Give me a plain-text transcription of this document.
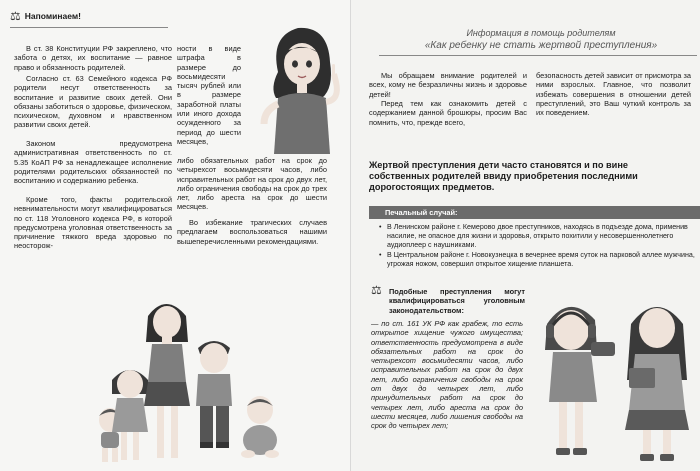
⚖ Напоминаем!
В ст. 38 Конституции РФ закреплено, что забота о детях, их воспитание — равное право и обязанность родителей.
Согласно ст. 63 Семейного кодекса РФ родители несут ответственность за воспитание и развитие своих детей. Они обязаны заботиться о здоровье, физическом, психическом, духовном и нравственном развитии своих детей.
Законом предусмотрена административная ответственность по ст. 5.35 КоАП РФ за ненадлежащее исполнение родителями родительских обязанностей по воспитанию и содержанию ребенка.
Кроме того, факты родительской невнимательности могут квалифицироваться по ст. 118 Уголовного кодекса РФ, в которой предусмотрена уголовная ответственность за причинение тяжкого вреда здоровью по неосторож-
ности в виде штрафа в размере до восьмидесяти тысяч рублей или в размере заработной платы или иного дохода осужденного за период до шести месяцев,
либо обязательных работ на срок до четырехсот восьмидесяти часов, либо исправительных работ на срок до двух лет, либо ограничения свободы на срок до трех лет, либо ареста на срок до шести месяцев.
Во избежание трагических случаев предлагаем воспользоваться нашими вышеперечисленными рекомендациями.
Информация в помощь родителям
«Как ребенку не стать жертвой преступления»
Мы обращаем внимание родителей и всех, кому не безразличны жизнь и здоровье детей!
Перед тем как ознакомить детей с содержанием данной брошюры, просим Вас помнить, что, прежде всего,
безопасность детей зависит от присмотра за ними взрослых. Главное, что позволит избежать совершения в отношении детей преступлений, это Ваш чуткий контроль за их поведением.
Жертвой преступления дети часто становятся и по вине собственных родителей ввиду приобретения последними дорогостоящих предметов.
Печальный случай:
• В Ленинском районе г. Кемерово двое преступников, находясь в подъезде дома, применив насилие, не опасное для жизни и здоровья, открыто похитили у несовершеннолетнего аудиоплеер с наушниками.
• В Центральном районе г. Новокузнецка в вечернее время суток на парковой аллее мужчина, угрожая ножом, совершил открытое хищение планшета.
⚖ Подобные преступления могут квалифицироваться уголовным законодательством:
— по ст. 161 УК РФ как грабеж, то есть открытое хищение чужого имущества; ответственность предусмотрена в виде обязательных работ на срок до четырехсот восьмидесяти часов, либо исправительных работ на срок до двух лет, либо ограничения свободы на срок от двух до четырех лет, либо принудительных работ на срок до четырех лет, либо ареста на срок до шести месяцев, либо лишения свободы на срок до четырех лет;
